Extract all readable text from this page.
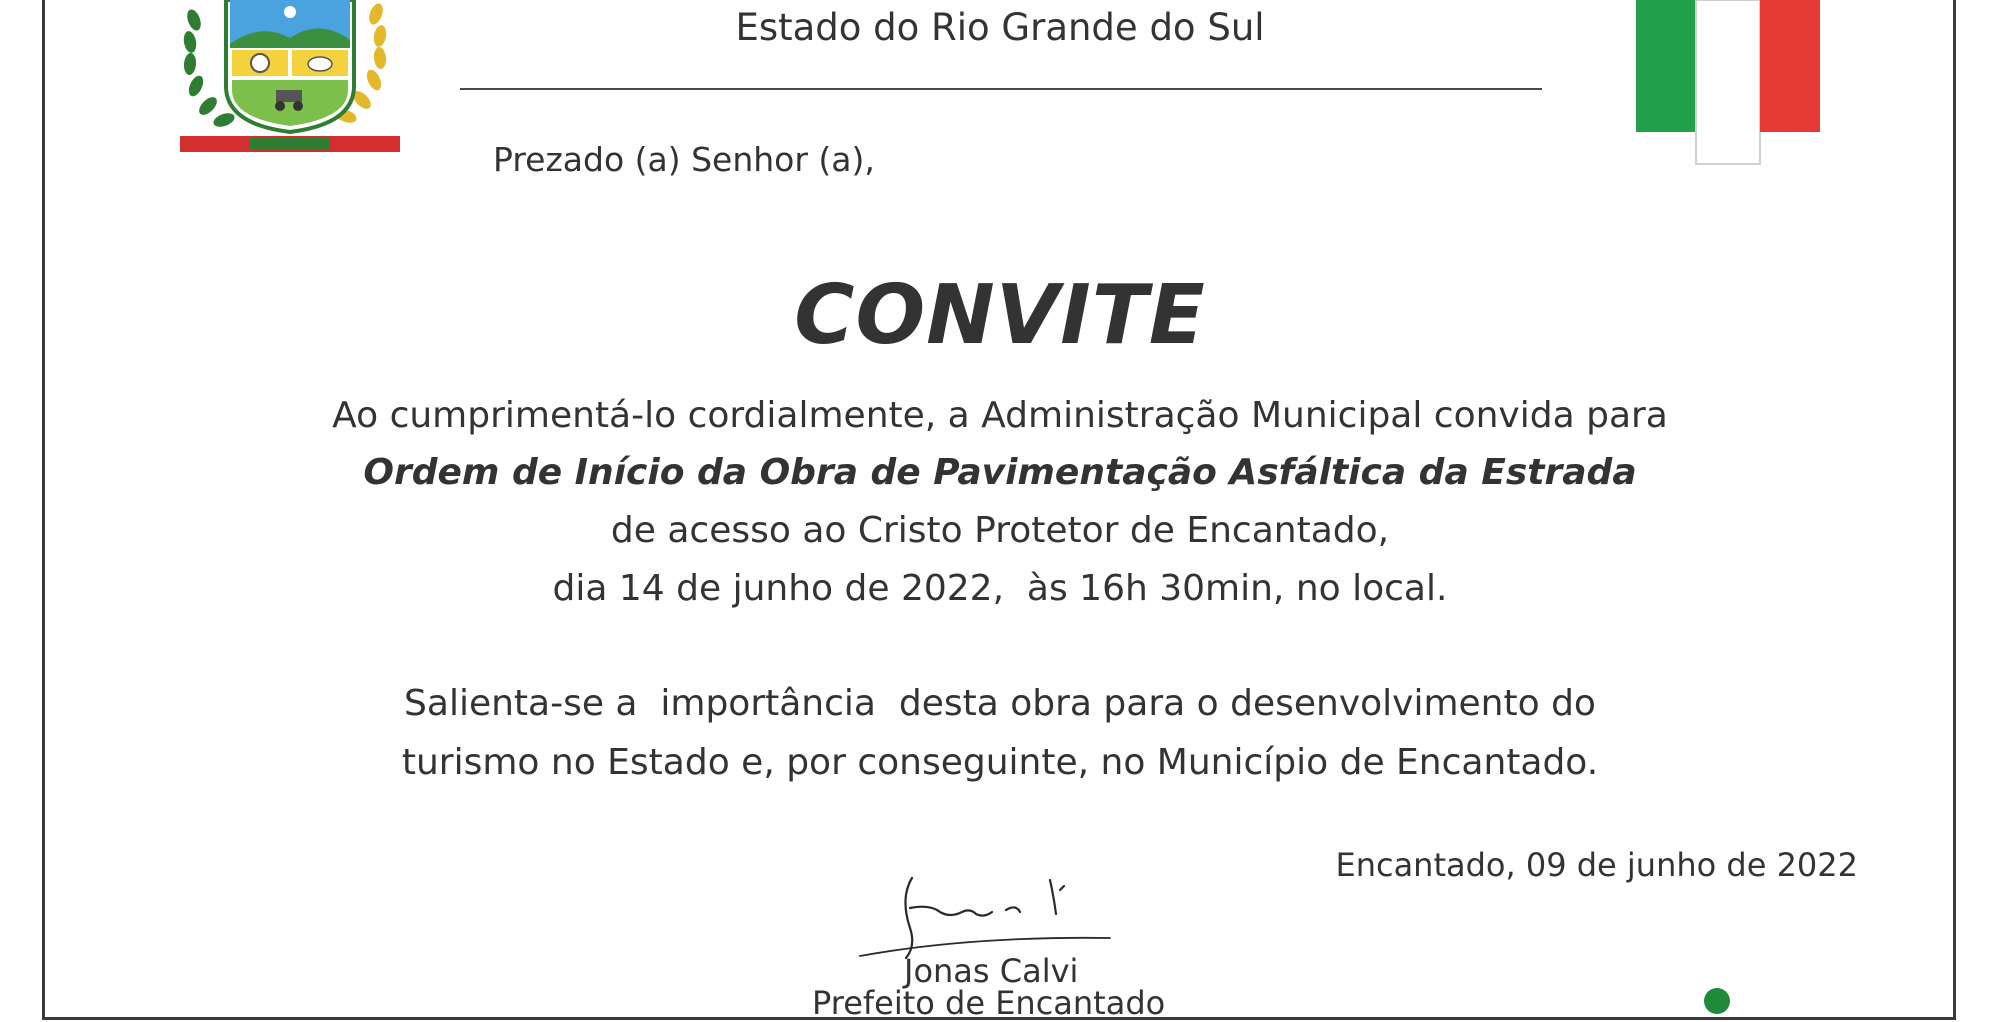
Estado do Rio Grande do Sul
Prezado (a) Senhor (a),
CONVITE
Ao cumprimentá-lo cordialmente, a Administração Municipal convida para
Ordem de Início da Obra de Pavimentação Asfáltica da Estrada
de acesso ao Cristo Protetor de Encantado,
dia 14 de junho de 2022,  às 16h 30min, no local.
Salienta-se a  importância  desta obra para o desenvolvimento do
turismo no Estado e, por conseguinte, no Município de Encantado.
Encantado, 09 de junho de 2022
Jonas Calvi
Prefeito de Encantado
